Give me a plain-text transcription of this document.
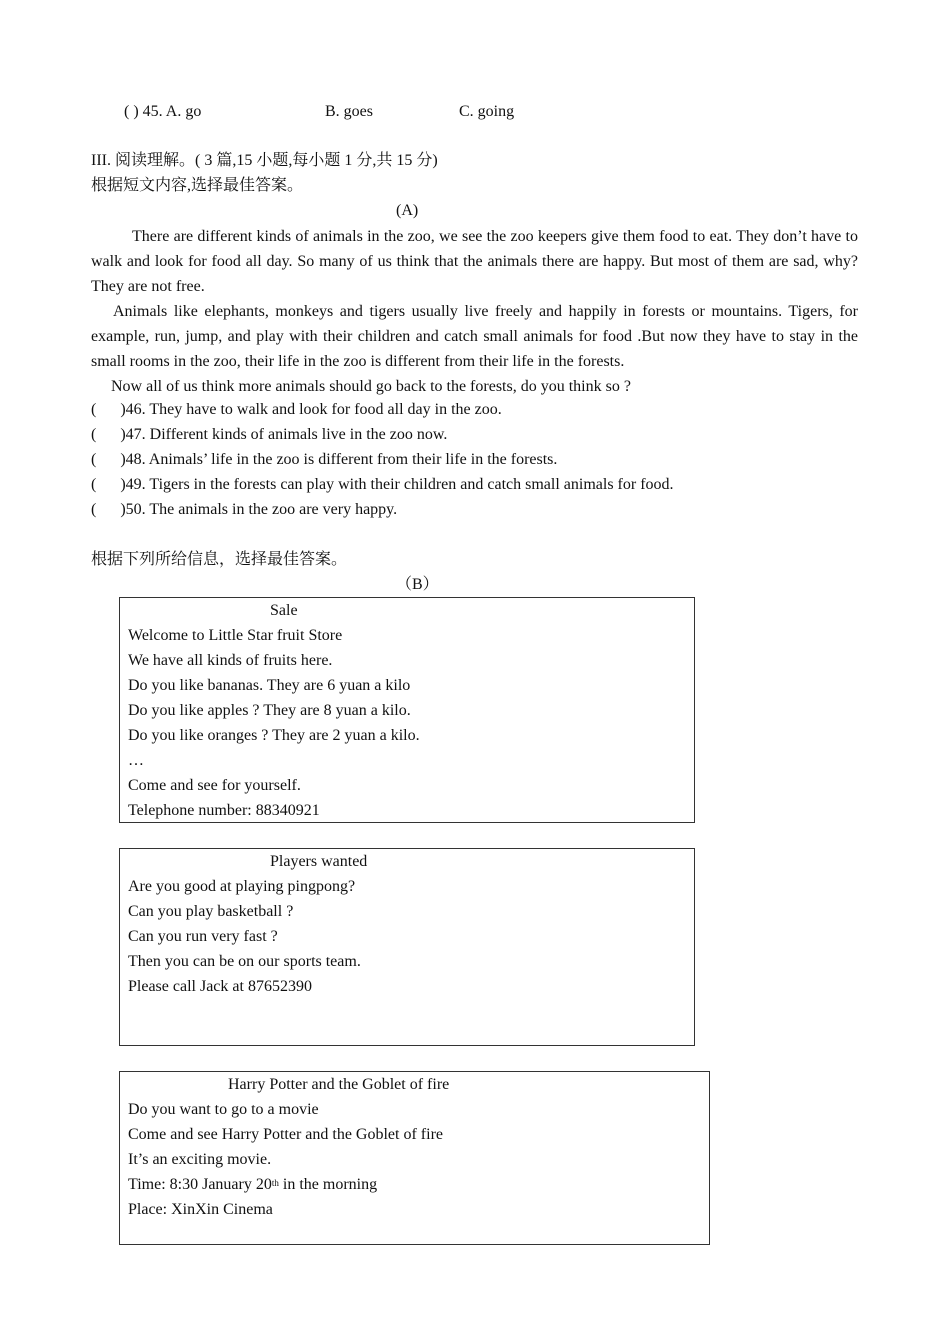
( ) 45. A. go	B. goes	C. going
III. 阅读理解。( 3 篇,15 小题,每小题 1 分,共 15 分)
根据短文内容,选择最佳答案。
(A)
There are different kinds of animals in the zoo, we see the zoo keepers give them food to eat. They don’t have to walk and look for food all day. So many of us think that the animals there are happy. But most of them are sad, why? They are not free.
Animals like elephants, monkeys and tigers usually live freely and happily in forests or mountains. Tigers, for example, run, jump, and play with their children and catch small animals for food .But now they have to stay in the small rooms in the zoo, their life in the zoo is different from their life in the forests.
Now all of us think more animals should go back to the forests, do you think so ?
( )46. They have to walk and look for food all day in the zoo.
( )47. Different kinds of animals live in the zoo now.
( )48. Animals’ life in the zoo is different from their life in the forests.
( )49. Tigers in the forests can play with their children and catch small animals for food.
( )50. The animals in the zoo are very happy.
根据下列所给信息，选择最佳答案。
（B）
Sale
Welcome to Little Star fruit Store
We have all kinds of fruits here.
Do you like bananas. They are 6 yuan a kilo
Do you like apples ? They are 8 yuan a kilo.
Do you like oranges ? They are 2 yuan a kilo.
…
Come and see for yourself.
Telephone number: 88340921
Players wanted
Are you good at playing pingpong?
Can you play basketball ?
Can you run very fast ?
Then you can be on our sports team.
Please call Jack at 87652390
Harry Potter and the Goblet of fire
Do you want to go to a movie
Come and see Harry Potter and the Goblet of fire
It’s an exciting movie.
Time: 8:30 January 20th in the morning
Place: XinXin Cinema
